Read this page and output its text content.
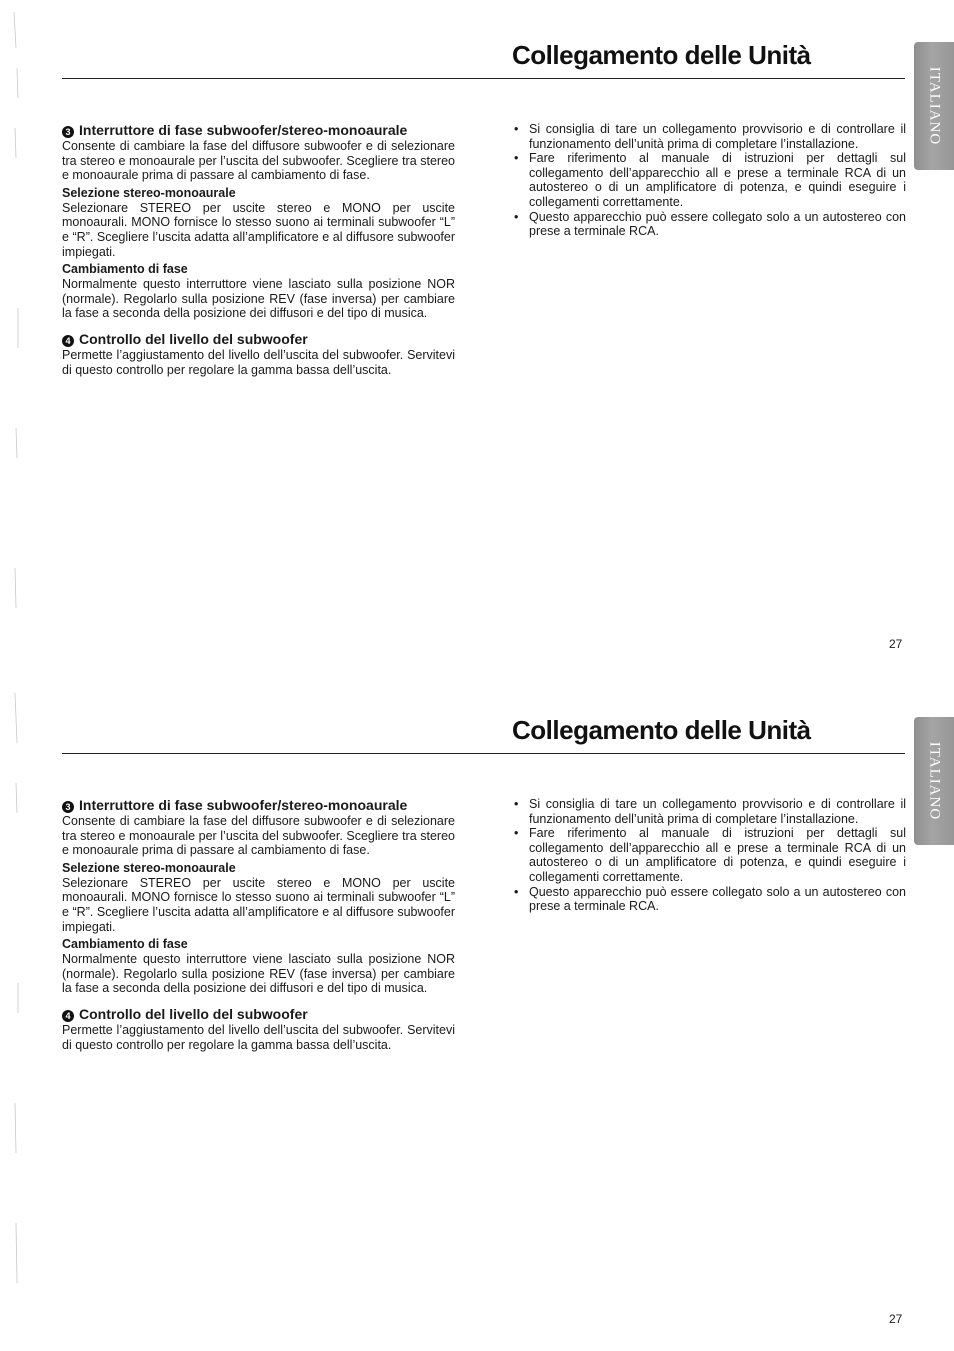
Collegamento delle Unità
ITALIANO
3 Interruttore di fase subwoofer/stereo-monoaurale

Consente di cambiare la fase del diffusore subwoofer e di selezionare tra stereo e monoaurale per l’uscita del subwoofer. Scegliere tra stereo e monoaurale prima di passare al cambiamento di fase.

Selezione stereo-monoaurale

Selezionare STEREO per uscite stereo e MONO per uscite monoaurali. MONO fornisce lo stesso suono ai terminali subwoofer “L” e “R”. Scegliere l’uscita adatta all’amplificatore e al diffusore subwoofer impiegati.

Cambiamento di fase

Normalmente questo interruttore viene lasciato sulla posizione NOR (normale). Regolarlo sulla posizione REV (fase inversa) per cambiare la fase a seconda della posizione dei diffusori e del tipo di musica.

4 Controllo del livello del subwoofer

Permette l’aggiustamento del livello dell’uscita del subwoofer. Servitevi di questo controllo per regolare la gamma bassa dell’uscita.

• Si consiglia di tare un collegamento provvisorio e di controllare il funzionamento dell’unità prima di completare l’installazione.
• Fare riferimento al manuale di istruzioni per dettagli sul collegamento dell’apparecchio all e prese a terminale RCA di un autostereo o di un amplificatore di potenza, e quindi eseguire i collegamenti correttamente.
• Questo apparecchio può essere collegato solo a un autostereo con prese a terminale RCA.
27
Collegamento delle Unità
ITALIANO
3 Interruttore di fase subwoofer/stereo-monoaurale

Consente di cambiare la fase del diffusore subwoofer e di selezionare tra stereo e monoaurale per l’uscita del subwoofer. Scegliere tra stereo e monoaurale prima di passare al cambiamento di fase.

Selezione stereo-monoaurale

Selezionare STEREO per uscite stereo e MONO per uscite monoaurali. MONO fornisce lo stesso suono ai terminali subwoofer “L” e “R”. Scegliere l’uscita adatta all’amplificatore e al diffusore subwoofer impiegati.

Cambiamento di fase

Normalmente questo interruttore viene lasciato sulla posizione NOR (normale). Regolarlo sulla posizione REV (fase inversa) per cambiare la fase a seconda della posizione dei diffusori e del tipo di musica.

4 Controllo del livello del subwoofer

Permette l’aggiustamento del livello dell’uscita del subwoofer. Servitevi di questo controllo per regolare la gamma bassa dell’uscita.

• Si consiglia di tare un collegamento provvisorio e di controllare il funzionamento dell’unità prima di completare l’installazione.
• Fare riferimento al manuale di istruzioni per dettagli sul collegamento dell’apparecchio all e prese a terminale RCA di un autostereo o di un amplificatore di potenza, e quindi eseguire i collegamenti correttamente.
• Questo apparecchio può essere collegato solo a un autostereo con prese a terminale RCA.
27
